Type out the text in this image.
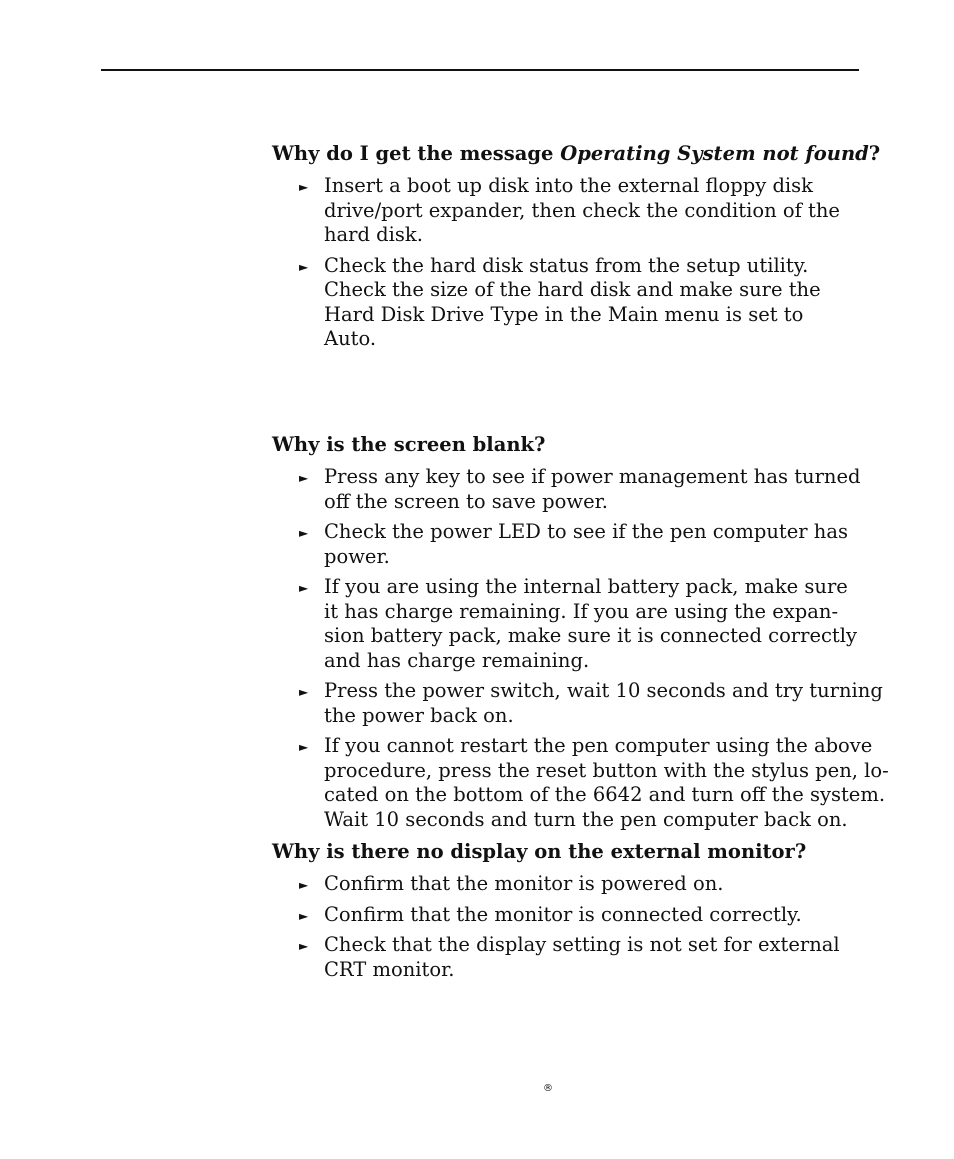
Why do I get the message Operating System not found?
► Insert a boot up disk into the external floppy disk
drive/port expander, then check the condition of the
hard disk.
► Check the hard disk status from the setup utility.
Check the size of the hard disk and make sure the
Hard Disk Drive Type in the Main menu is set to
Auto.
Why is the screen blank?
► Press any key to see if power management has turned
off the screen to save power.
► Check the power LED to see if the pen computer has
power.
► If you are using the internal battery pack, make sure
it has charge remaining. If you are using the expan-
sion battery pack, make sure it is connected correctly
and has charge remaining.
► Press the power switch, wait 10 seconds and try turning
the power back on.
► If you cannot restart the pen computer using the above
procedure, press the reset button with the stylus pen, lo-
cated on the bottom of the 6642 and turn off the system.
Wait 10 seconds and turn the pen computer back on.
Why is there no display on the external monitor?
► Confirm that the monitor is powered on.
► Confirm that the monitor is connected correctly.
► Check that the display setting is not set for external
CRT monitor.
®
